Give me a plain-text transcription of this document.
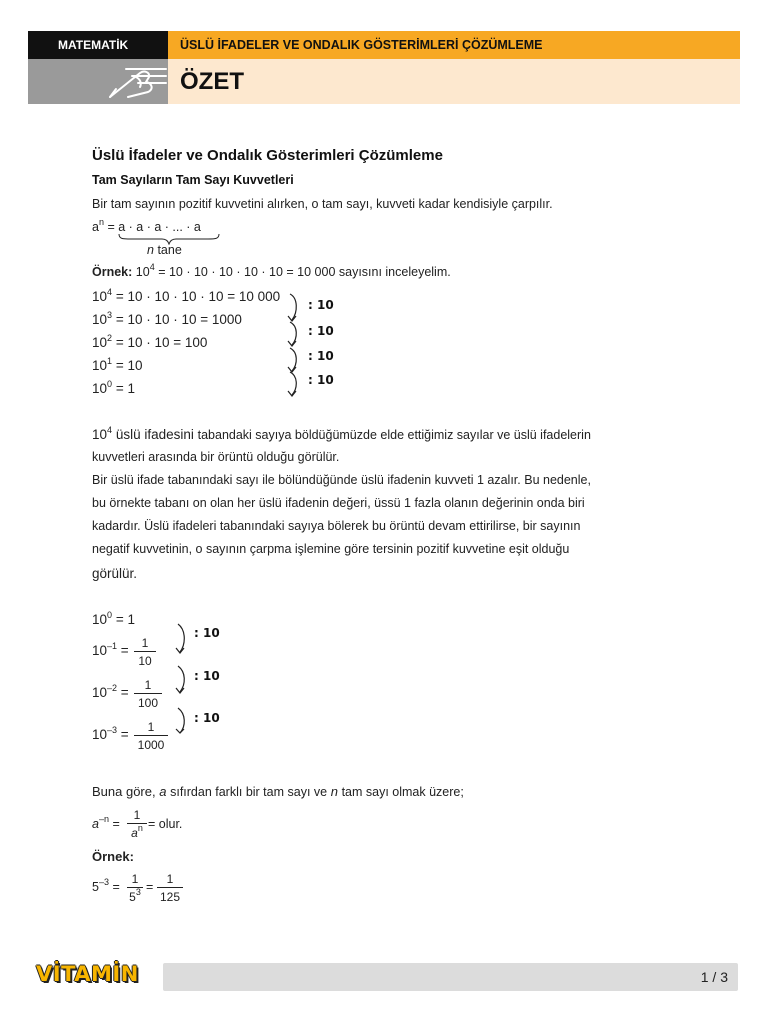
MATEMATİK	ÜSLÜ İFADELER VE ONDALIK GÖSTERİMLERİ ÇÖZÜMLEME
ÖZET
Üslü İfadeler ve Ondalık Gösterimleri Çözümleme
Tam Sayıların Tam Sayı Kuvvetleri
Bir tam sayının pozitif kuvvetini alırken, o tam sayı, kuvveti kadar kendisiyle çarpılır.
$a^n = a \cdot a \cdot a$ · ... · a
n tane
Örnek: $10^4 = 10 \cdot 10 \cdot 10 \cdot 10 \cdot 10 = 10$ 000 sayısını inceleyelim.
$10^4 = 10 \cdot 10 \cdot 10 \cdot 10 = 10$ 000
$10^3 = 10 \cdot 10 \cdot 10 = 1000$
$10^2 = 10 \cdot 10 = 100$
$10^1 = 10$
$10^0 = 1$
: 10
: 10
: 10
: 10
$10^4$ üslü ifadesini tabandaki sayıya böldüğümüzde elde ettiğimiz sayılar ve üslü ifadelerin
kuvvetleri arasında bir örüntü olduğu görülür.
Bir üslü ifade tabanındaki sayı ile bölündüğünde üslü ifadenin kuvveti 1 azalır. Bu nedenle,
bu örnekte tabanı on olan her üslü ifadenin değeri, üssü 1 fazla olanın değerinin onda biri
kadardır. Üslü ifadeleri tabanındaki sayıya bölerek bu örüntü devam ettirilirse, bir sayının
negatif kuvvetinin, o sayının çarpma işlemine göre tersinin pozitif kuvvetine eşit olduğu
görülür.
$10^0 = 1$
$10^{-1}$ =	1
10
$10^{-2}$ =	1
100
$10^{-3}$ =	1
1000
: 10
: 10
: 10
Buna göre, a sıfırdan farklı bir tam sayı ve n tam sayı olmak üzere;
$a^{-n}$ =
1
$a^n$ = olur.
Örnek:
$5^{-3}$ =
1
$5^3$ =
1
125
VİTAMİN	1 / 3
